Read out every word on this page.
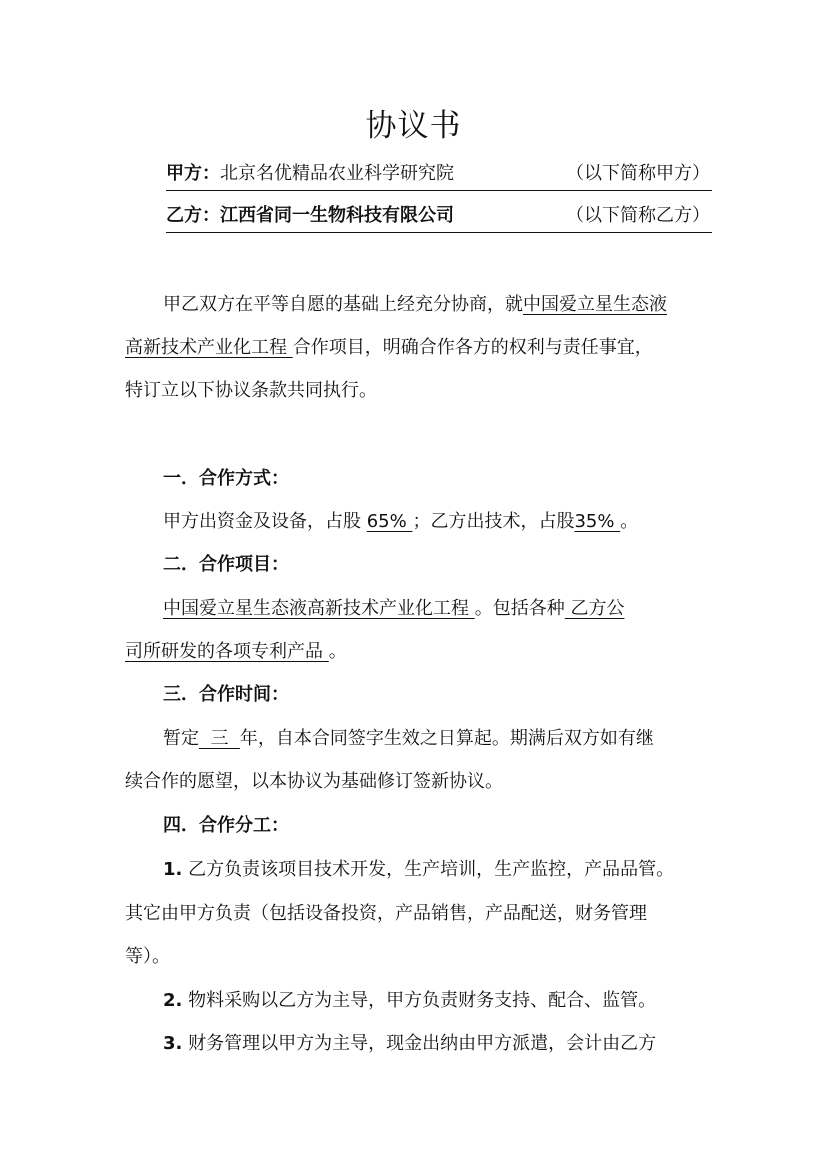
协议书
甲方：北京名优精品农业科学研究院	（以下简称甲方）
乙方：江西省同一生物科技有限公司	（以下简称乙方）
甲乙双方在平等自愿的基础上经充分协商，就中国爱立星生态液
高新技术产业化工程 合作项目，明确合作各方的权利与责任事宜，
特订立以下协议条款共同执行。
一．合作方式：
甲方出资金及设备，占股 65% ；乙方出技术，占股35% 。
二．合作项目：
中国爱立星生态液高新技术产业化工程 。包括各种 乙方公
司所研发的各项专利产品 。
三．合作时间：
暂定  三  年，自本合同签字生效之日算起。期满后双方如有继
续合作的愿望，以本协议为基础修订签新协议。
四．合作分工：
1. 乙方负责该项目技术开发，生产培训，生产监控，产品品管。
其它由甲方负责（包括设备投资，产品销售，产品配送，财务管理
等）。
2. 物料采购以乙方为主导，甲方负责财务支持、配合、监管。
3. 财务管理以甲方为主导，现金出纳由甲方派遣，会计由乙方
